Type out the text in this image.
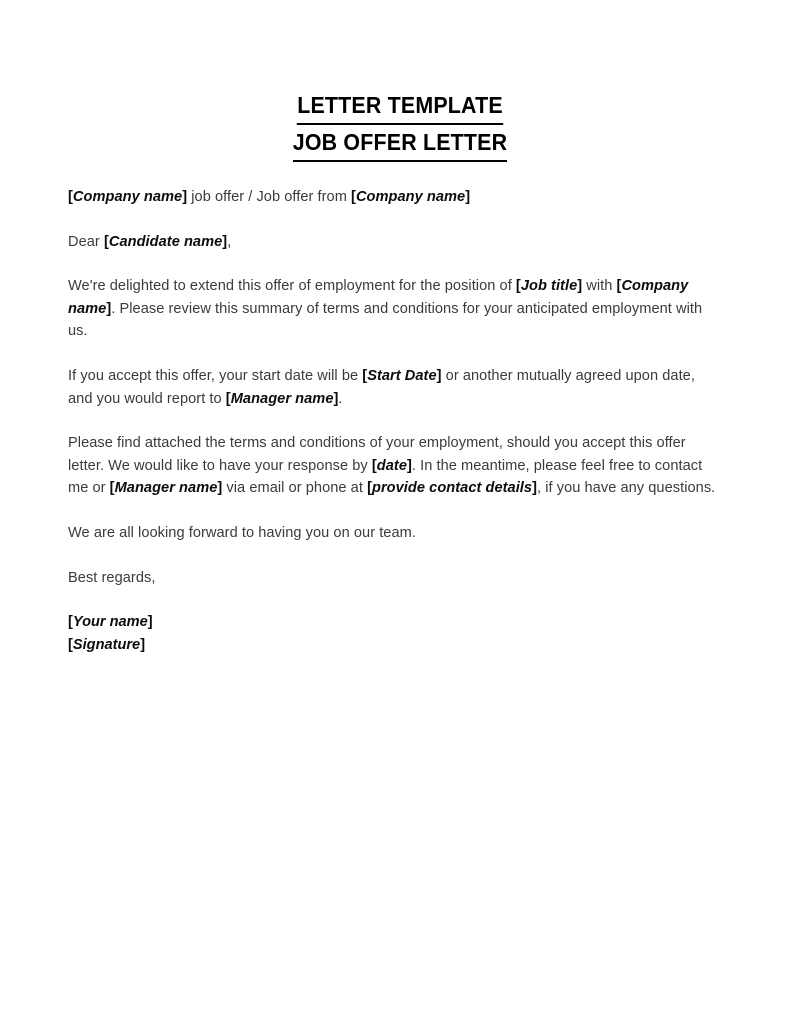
LETTER TEMPLATE
JOB OFFER LETTER

[Company name] job offer / Job offer from [Company name]

Dear [Candidate name],

We're delighted to extend this offer of employment for the position of [Job title] with [Company name]. Please review this summary of terms and conditions for your anticipated employment with us.

If you accept this offer, your start date will be [Start Date] or another mutually agreed upon date, and you would report to [Manager name].

Please find attached the terms and conditions of your employment, should you accept this offer letter. We would like to have your response by [date]. In the meantime, please feel free to contact me or [Manager name] via email or phone at [provide contact details], if you have any questions.

We are all looking forward to having you on our team.

Best regards,

[Your name]

[Signature]
